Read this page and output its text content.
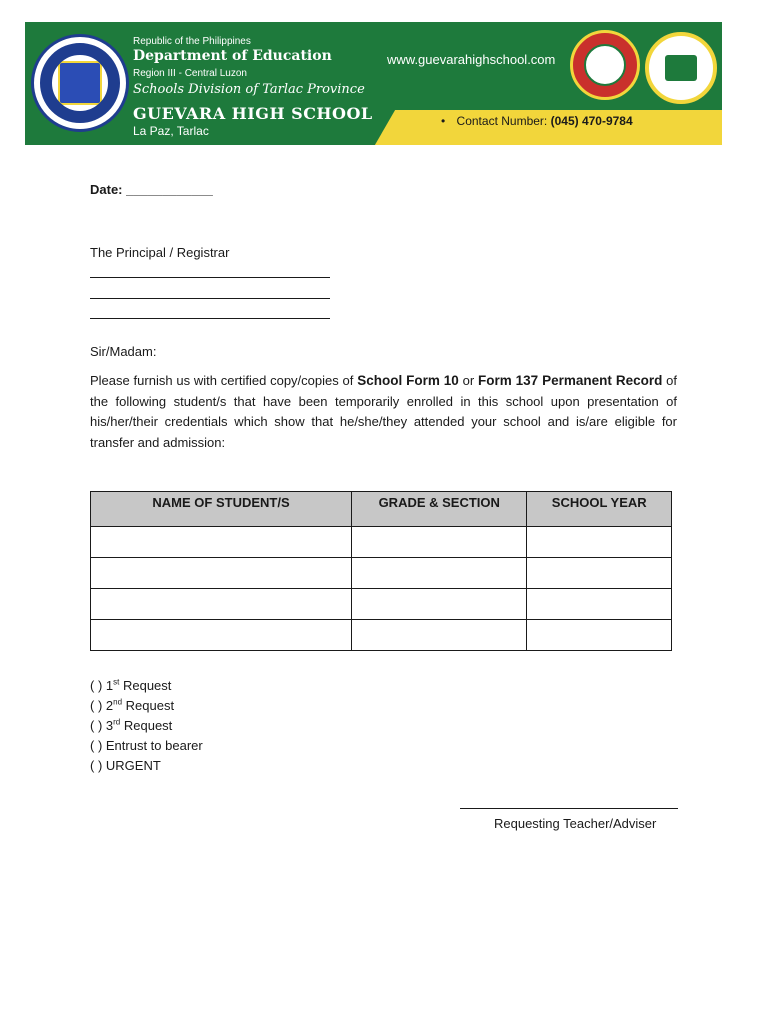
Republic of the Philippines
Department of Education
Region III - Central Luzon
Schools Division of Tarlac Province
GUEVARA HIGH SCHOOL
La Paz, Tarlac
www.guevarahighschool.com
• Contact Number: (045) 470-9784
Date: ____________
The Principal / Registrar
Sir/Madam:
Please furnish us with certified copy/copies of School Form 10 or Form 137 Permanent Record of the following student/s that have been temporarily enrolled in this school upon presentation of his/her/their credentials which show that he/she/they attended your school and is/are eligible for transfer and admission:
NAME OF STUDENT/S	GRADE & SECTION	SCHOOL YEAR

( ) 1st Request
( ) 2nd Request
( ) 3rd Request
( ) Entrust to bearer
( ) URGENT
Requesting Teacher/Adviser
